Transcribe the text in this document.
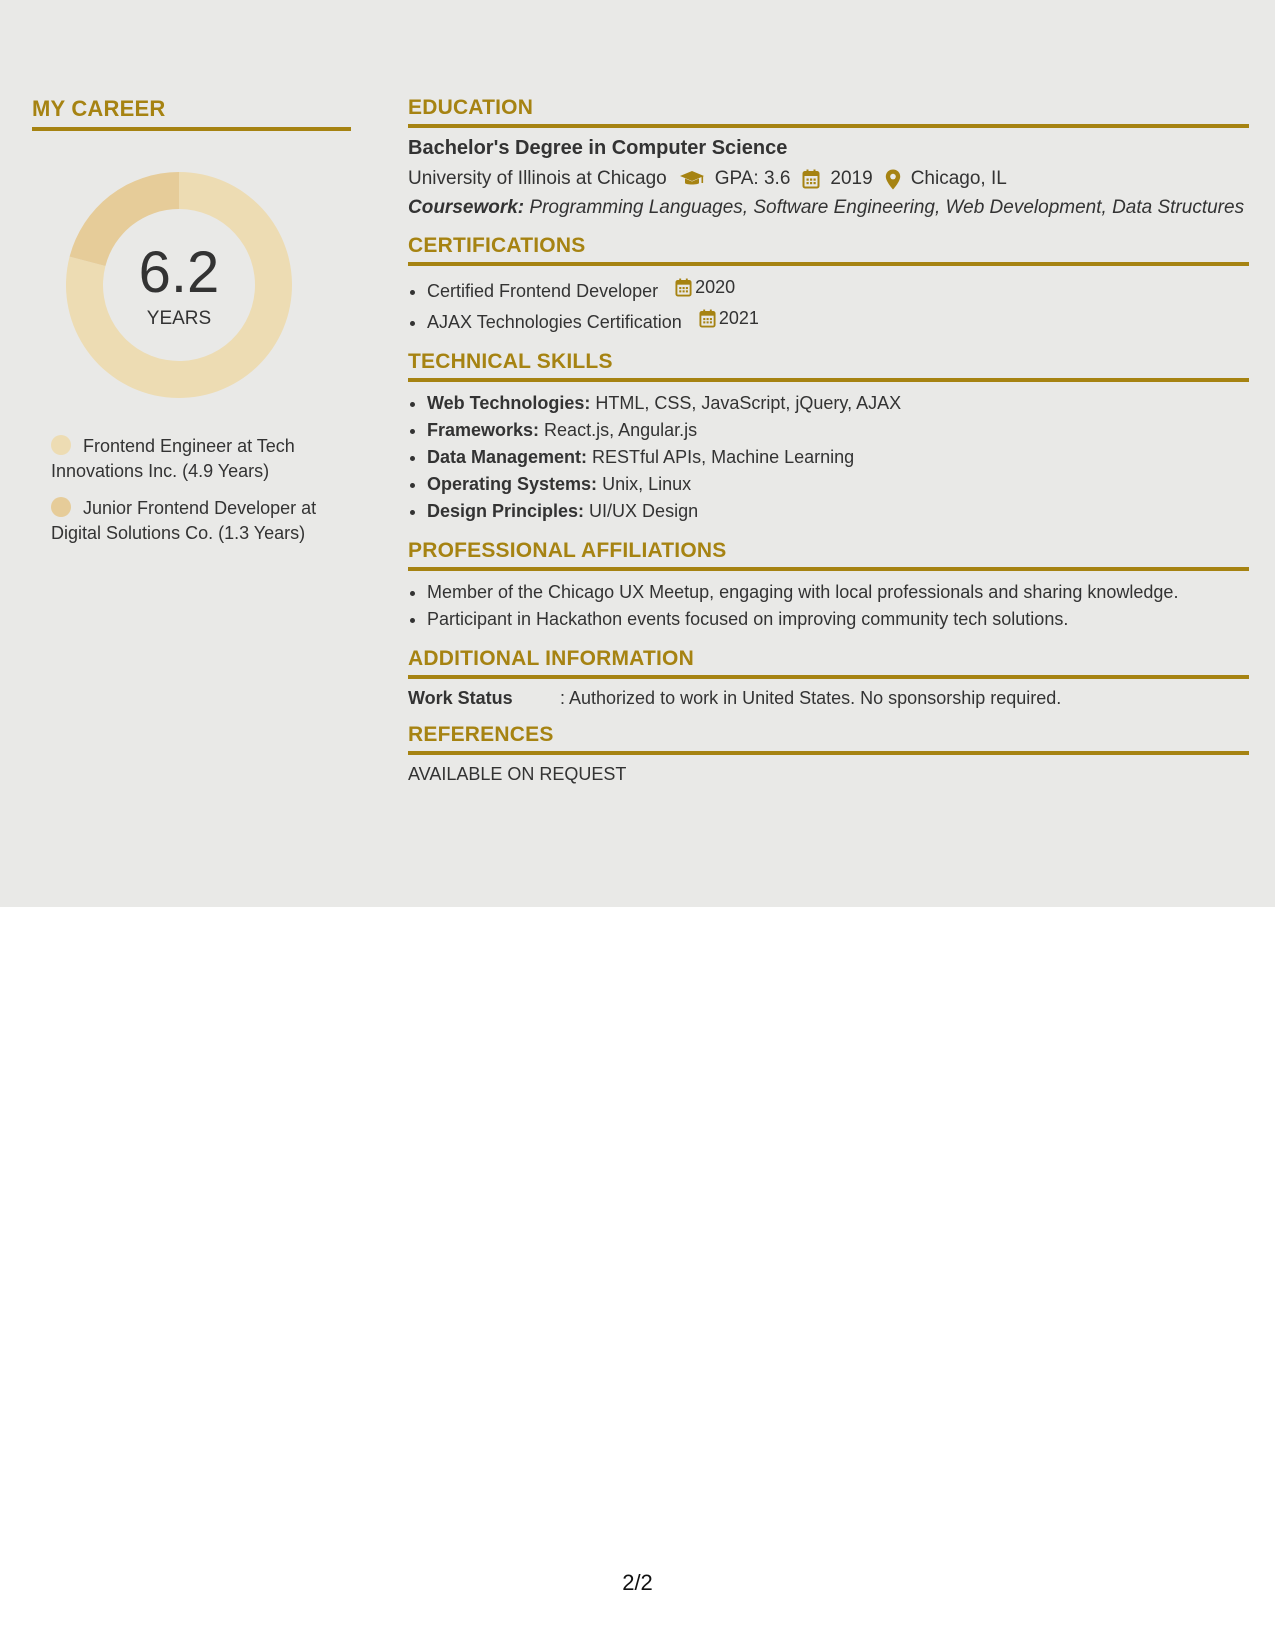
MY CAREER
6.2
YEARS
Frontend Engineer at Tech Innovations Inc. (4.9 Years)
Junior Frontend Developer at Digital Solutions Co. (1.3 Years)
EDUCATION
Bachelor's Degree in Computer Science
University of Illinois at Chicago	GPA: 3.6 2019 Chicago, IL
Coursework: Programming Languages, Software Engineering, Web Development, Data Structures
CERTIFICATIONS
• Certified Frontend Developer 2020
• AJAX Technologies Certification 2021
TECHNICAL SKILLS
• Web Technologies: HTML, CSS, JavaScript, jQuery, AJAX
• Frameworks: React.js, Angular.js
• Data Management: RESTful APIs, Machine Learning
• Operating Systems: Unix, Linux
• Design Principles: UI/UX Design
PROFESSIONAL AFFILIATIONS
• Member of the Chicago UX Meetup, engaging with local professionals and sharing knowledge.
• Participant in Hackathon events focused on improving community tech solutions.
ADDITIONAL INFORMATION
Work Status	: Authorized to work in United States. No sponsorship required.
REFERENCES
AVAILABLE ON REQUEST
2/2
